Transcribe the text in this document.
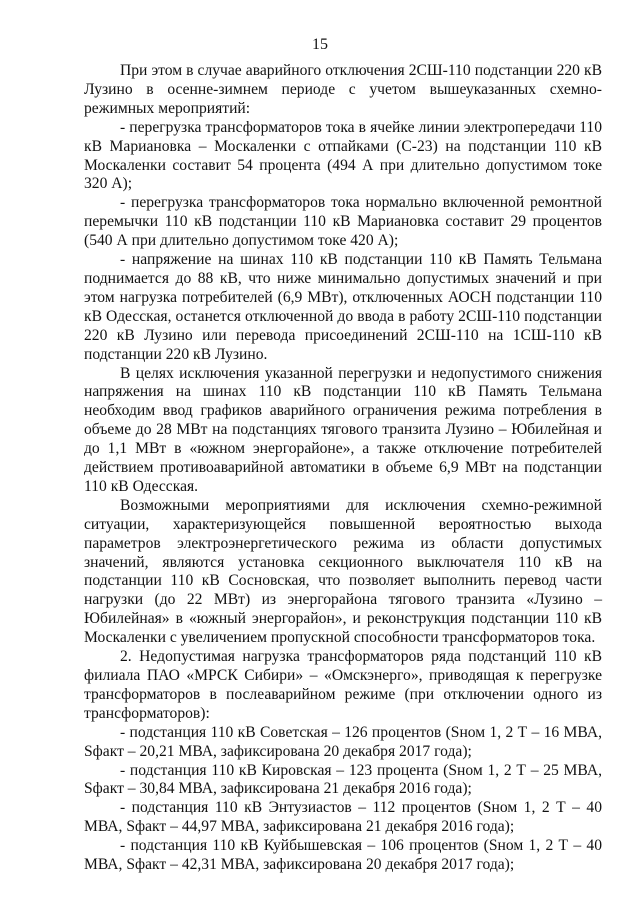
15

При этом в случае аварийного отключения 2СШ-110 подстанции 220 кВ Лузино в осенне-зимнем периоде с учетом вышеуказанных схемно-режимных мероприятий:

- перегрузка трансформаторов тока в ячейке линии электропередачи 110 кВ Мариановка – Москаленки с отпайками (С-23) на подстанции 110 кВ Москаленки составит 54 процента (494 А при длительно допустимом токе 320 А);

- перегрузка трансформаторов тока нормально включенной ремонтной перемычки 110 кВ подстанции 110 кВ Мариановка составит 29 процентов (540 А при длительно допустимом токе 420 А);

- напряжение на шинах 110 кВ подстанции 110 кВ Память Тельмана поднимается до 88 кВ, что ниже минимально допустимых значений и при этом нагрузка потребителей (6,9 МВт), отключенных АОСН подстанции 110 кВ Одесская, останется отключенной до ввода в работу 2СШ-110 подстанции 220 кВ Лузино или перевода присоединений 2СШ-110 на 1СШ-110 кВ подстанции 220 кВ Лузино.

В целях исключения указанной перегрузки и недопустимого снижения напряжения на шинах 110 кВ подстанции 110 кВ Память Тельмана необходим ввод графиков аварийного ограничения режима потребления в объеме до 28 МВт на подстанциях тягового транзита Лузино – Юбилейная и до 1,1 МВт в «южном энергорайоне», а также отключение потребителей действием противоаварийной автоматики в объеме 6,9 МВт на подстанции 110 кВ Одесская.

Возможными мероприятиями для исключения схемно-режимной ситуации, характеризующейся повышенной вероятностью выхода параметров электроэнергетического режима из области допустимых значений, являются установка секционного выключателя 110 кВ на подстанции 110 кВ Сосновская, что позволяет выполнить перевод части нагрузки (до 22 МВт) из энергорайона тягового транзита «Лузино – Юбилейная» в «южный энергорайон», и реконструкция подстанции 110 кВ Москаленки с увеличением пропускной способности трансформаторов тока.

2. Недопустимая нагрузка трансформаторов ряда подстанций 110 кВ филиала ПАО «МРСК Сибири» – «Омскэнерго», приводящая к перегрузке трансформаторов в послеаварийном режиме (при отключении одного из трансформаторов):

- подстанция 110 кВ Советская – 126 процентов (Sном 1, 2 Т – 16 МВА, Sфакт – 20,21 МВА, зафиксирована 20 декабря 2017 года);

- подстанция 110 кВ Кировская – 123 процента (Sном 1, 2 Т – 25 МВА, Sфакт – 30,84 МВА, зафиксирована 21 декабря 2016 года);

- подстанция 110 кВ Энтузиастов – 112 процентов (Sном 1, 2 Т – 40 МВА, Sфакт – 44,97 МВА, зафиксирована 21 декабря 2016 года);

- подстанция 110 кВ Куйбышевская – 106 процентов (Sном 1, 2 Т – 40 МВА, Sфакт – 42,31 МВА, зафиксирована 20 декабря 2017 года);
